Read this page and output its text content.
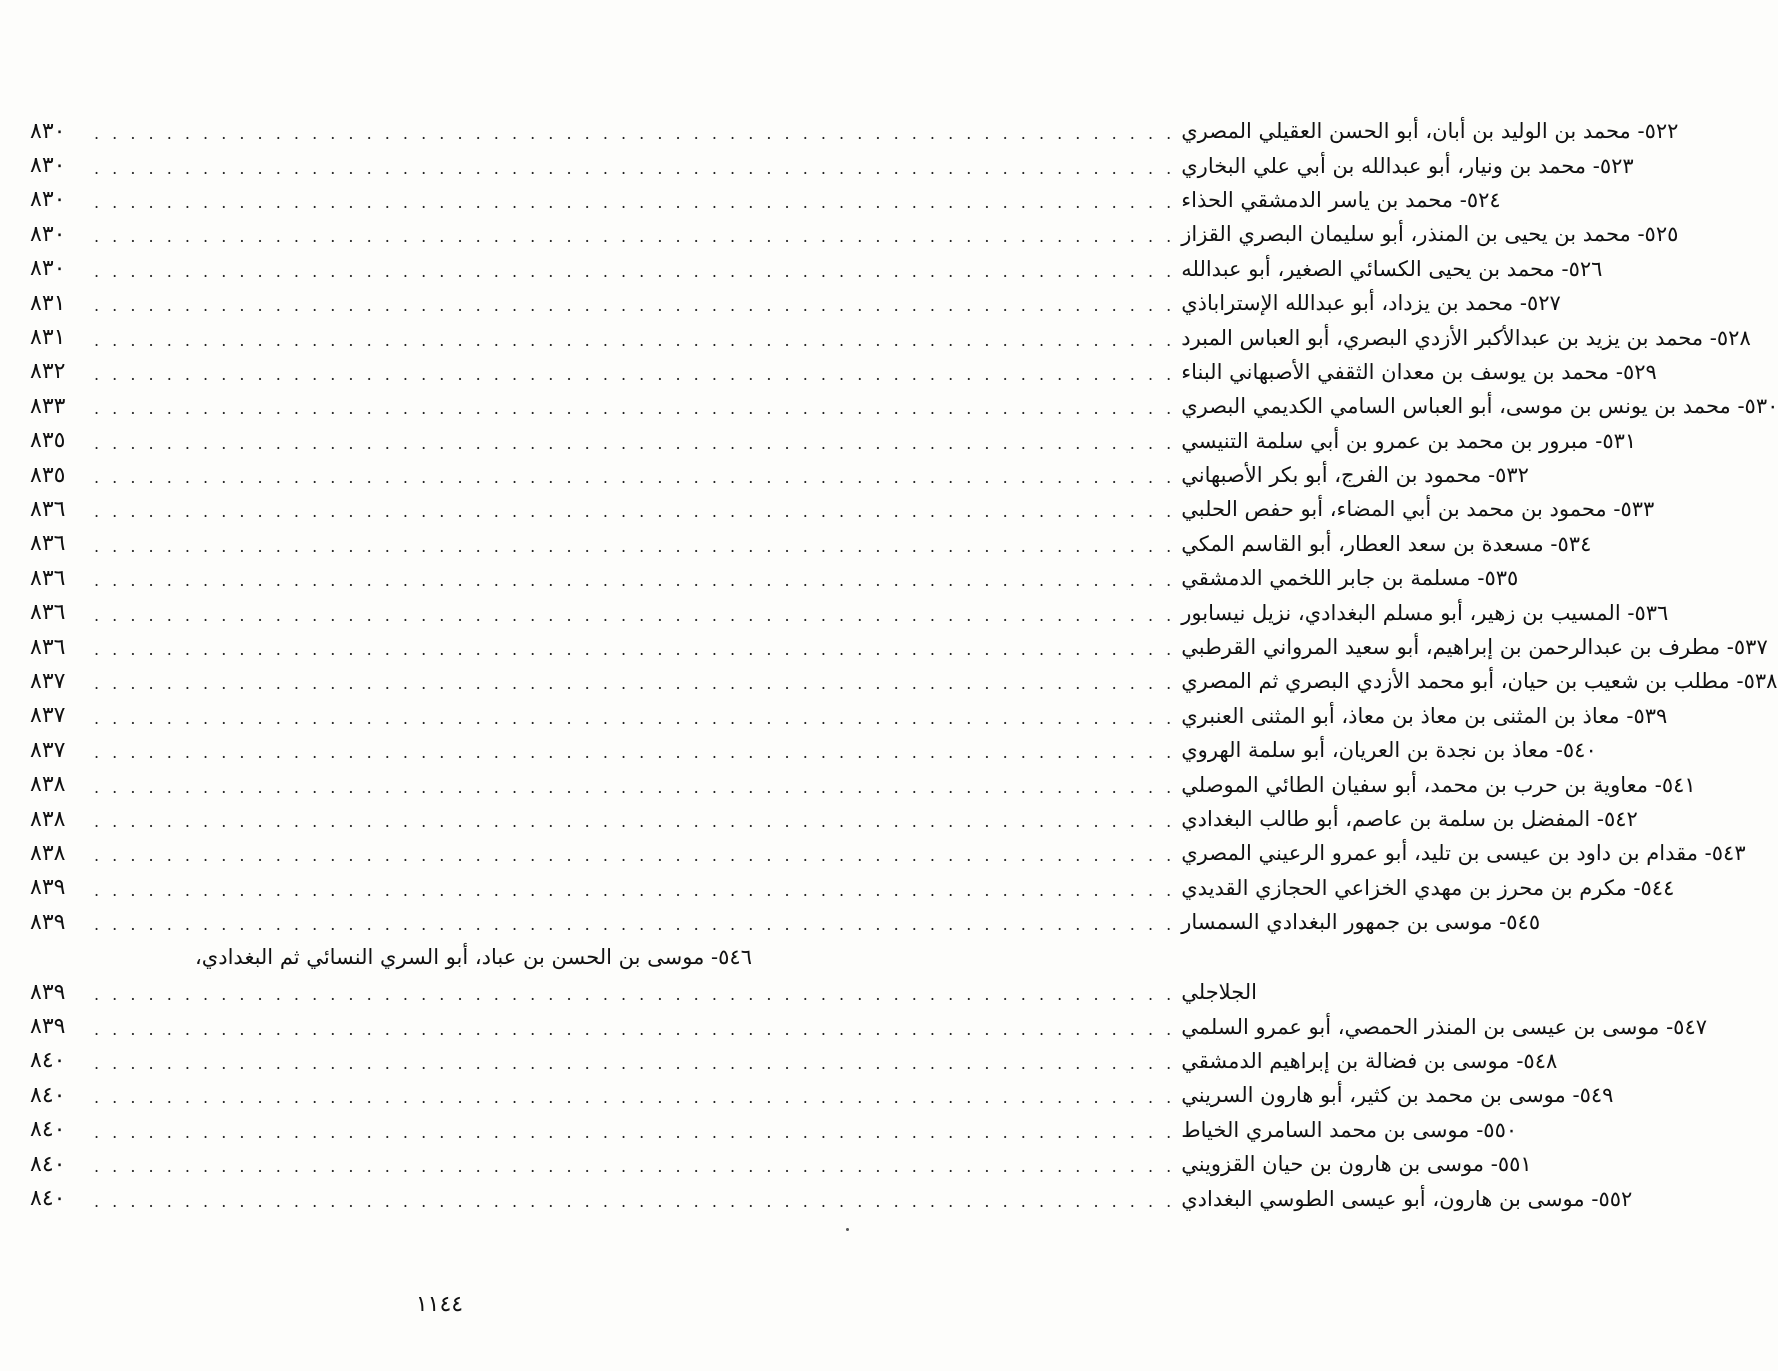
٨٣٠	. . . . . . . . . . . . . . . . . . . . . . . . . . . . . . . . . . . . . . . . . . . . . . . . . . . . . . . . . . . .	٥٢٢- محمد بن الوليد بن أبان، أبو الحسن العقيلي المصري
٨٣٠	. . . . . . . . . . . . . . . . . . . . . . . . . . . . . . . . . . . . . . . . . . . . . . . . . . . . . . . . . . . .	٥٢٣- محمد بن ونيار، أبو عبدالله بن أبي علي البخاري
٨٣٠	. . . . . . . . . . . . . . . . . . . . . . . . . . . . . . . . . . . . . . . . . . . . . . . . . . . . . . . . . . . .	٥٢٤- محمد بن ياسر الدمشقي الحذاء
٨٣٠	. . . . . . . . . . . . . . . . . . . . . . . . . . . . . . . . . . . . . . . . . . . . . . . . . . . . . . . . . . . .	٥٢٥- محمد بن يحيى بن المنذر، أبو سليمان البصري القزاز
٨٣٠	. . . . . . . . . . . . . . . . . . . . . . . . . . . . . . . . . . . . . . . . . . . . . . . . . . . . . . . . . . . .	٥٢٦- محمد بن يحيى الكسائي الصغير، أبو عبدالله
٨٣١	. . . . . . . . . . . . . . . . . . . . . . . . . . . . . . . . . . . . . . . . . . . . . . . . . . . . . . . . . . . .	٥٢٧- محمد بن يزداد، أبو عبدالله الإستراباذي
٨٣١	. . . . . . . . . . . . . . . . . . . . . . . . . . . . . . . . . . . . . . . . . . . . . . . . . . . . . . . . . . . .	٥٢٨- محمد بن يزيد بن عبدالأكبر الأزدي البصري، أبو العباس المبرد
٨٣٢	. . . . . . . . . . . . . . . . . . . . . . . . . . . . . . . . . . . . . . . . . . . . . . . . . . . . . . . . . . . .	٥٢٩- محمد بن يوسف بن معدان الثقفي الأصبهاني البناء
٨٣٣	. . . . . . . . . . . . . . . . . . . . . . . . . . . . . . . . . . . . . . . . . . . . . . . . . . . . . . . . . . . .	٥٣٠- محمد بن يونس بن موسى، أبو العباس السامي الكديمي البصري
٨٣٥	. . . . . . . . . . . . . . . . . . . . . . . . . . . . . . . . . . . . . . . . . . . . . . . . . . . . . . . . . . . .	٥٣١- مبرور بن محمد بن عمرو بن أبي سلمة التنيسي
٨٣٥	. . . . . . . . . . . . . . . . . . . . . . . . . . . . . . . . . . . . . . . . . . . . . . . . . . . . . . . . . . . .	٥٣٢- محمود بن الفرج، أبو بكر الأصبهاني
٨٣٦	. . . . . . . . . . . . . . . . . . . . . . . . . . . . . . . . . . . . . . . . . . . . . . . . . . . . . . . . . . . .	٥٣٣- محمود بن محمد بن أبي المضاء، أبو حفص الحلبي
٨٣٦	. . . . . . . . . . . . . . . . . . . . . . . . . . . . . . . . . . . . . . . . . . . . . . . . . . . . . . . . . . . .	٥٣٤- مسعدة بن سعد العطار، أبو القاسم المكي
٨٣٦	. . . . . . . . . . . . . . . . . . . . . . . . . . . . . . . . . . . . . . . . . . . . . . . . . . . . . . . . . . . .	٥٣٥- مسلمة بن جابر اللخمي الدمشقي
٨٣٦	. . . . . . . . . . . . . . . . . . . . . . . . . . . . . . . . . . . . . . . . . . . . . . . . . . . . . . . . . . . .	٥٣٦- المسيب بن زهير، أبو مسلم البغدادي، نزيل نيسابور
٨٣٦	. . . . . . . . . . . . . . . . . . . . . . . . . . . . . . . . . . . . . . . . . . . . . . . . . . . . . . . . . . . .	٥٣٧- مطرف بن عبدالرحمن بن إبراهيم، أبو سعيد المرواني القرطبي
٨٣٧	. . . . . . . . . . . . . . . . . . . . . . . . . . . . . . . . . . . . . . . . . . . . . . . . . . . . . . . . . . . .	٥٣٨- مطلب بن شعيب بن حيان، أبو محمد الأزدي البصري ثم المصري
٨٣٧	. . . . . . . . . . . . . . . . . . . . . . . . . . . . . . . . . . . . . . . . . . . . . . . . . . . . . . . . . . . .	٥٣٩- معاذ بن المثنى بن معاذ بن معاذ، أبو المثنى العنبري
٨٣٧	. . . . . . . . . . . . . . . . . . . . . . . . . . . . . . . . . . . . . . . . . . . . . . . . . . . . . . . . . . . .	٥٤٠- معاذ بن نجدة بن العريان، أبو سلمة الهروي
٨٣٨	. . . . . . . . . . . . . . . . . . . . . . . . . . . . . . . . . . . . . . . . . . . . . . . . . . . . . . . . . . . .	٥٤١- معاوية بن حرب بن محمد، أبو سفيان الطائي الموصلي
٨٣٨	. . . . . . . . . . . . . . . . . . . . . . . . . . . . . . . . . . . . . . . . . . . . . . . . . . . . . . . . . . . .	٥٤٢- المفضل بن سلمة بن عاصم، أبو طالب البغدادي
٨٣٨	. . . . . . . . . . . . . . . . . . . . . . . . . . . . . . . . . . . . . . . . . . . . . . . . . . . . . . . . . . . .	٥٤٣- مقدام بن داود بن عيسى بن تليد، أبو عمرو الرعيني المصري
٨٣٩	. . . . . . . . . . . . . . . . . . . . . . . . . . . . . . . . . . . . . . . . . . . . . . . . . . . . . . . . . . . .	٥٤٤- مكرم بن محرز بن مهدي الخزاعي الحجازي القديدي
٨٣٩	. . . . . . . . . . . . . . . . . . . . . . . . . . . . . . . . . . . . . . . . . . . . . . . . . . . . . . . . . . . .	٥٤٥- موسى بن جمهور البغدادي السمسار
٥٤٦- موسى بن الحسن بن عباد، أبو السري النسائي ثم البغدادي،
٨٣٩	. . . . . . . . . . . . . . . . . . . . . . . . . . . . . . . . . . . . . . . . . . . . . . . . . . . . . . . . . . . . الجلاجلي
٨٣٩	. . . . . . . . . . . . . . . . . . . . . . . . . . . . . . . . . . . . . . . . . . . . . . . . . . . . . . . . . . . .	٥٤٧- موسى بن عيسى بن المنذر الحمصي، أبو عمرو السلمي
٨٤٠	. . . . . . . . . . . . . . . . . . . . . . . . . . . . . . . . . . . . . . . . . . . . . . . . . . . . . . . . . . . .	٥٤٨- موسى بن فضالة بن إبراهيم الدمشقي
٨٤٠	. . . . . . . . . . . . . . . . . . . . . . . . . . . . . . . . . . . . . . . . . . . . . . . . . . . . . . . . . . . .	٥٤٩- موسى بن محمد بن كثير، أبو هارون السريني
٨٤٠	. . . . . . . . . . . . . . . . . . . . . . . . . . . . . . . . . . . . . . . . . . . . . . . . . . . . . . . . . . . .	٥٥٠- موسى بن محمد السامري الخياط
٨٤٠	. . . . . . . . . . . . . . . . . . . . . . . . . . . . . . . . . . . . . . . . . . . . . . . . . . . . . . . . . . . .	٥٥١- موسى بن هارون بن حيان القزويني
٨٤٠	. . . . . . . . . . . . . . . . . . . . . . . . . . . . . . . . . . . . . . . . . . . . . . . . . . . . . . . . . . . .	٥٥٢- موسى بن هارون، أبو عيسى الطوسي البغدادي
١١٤٤
